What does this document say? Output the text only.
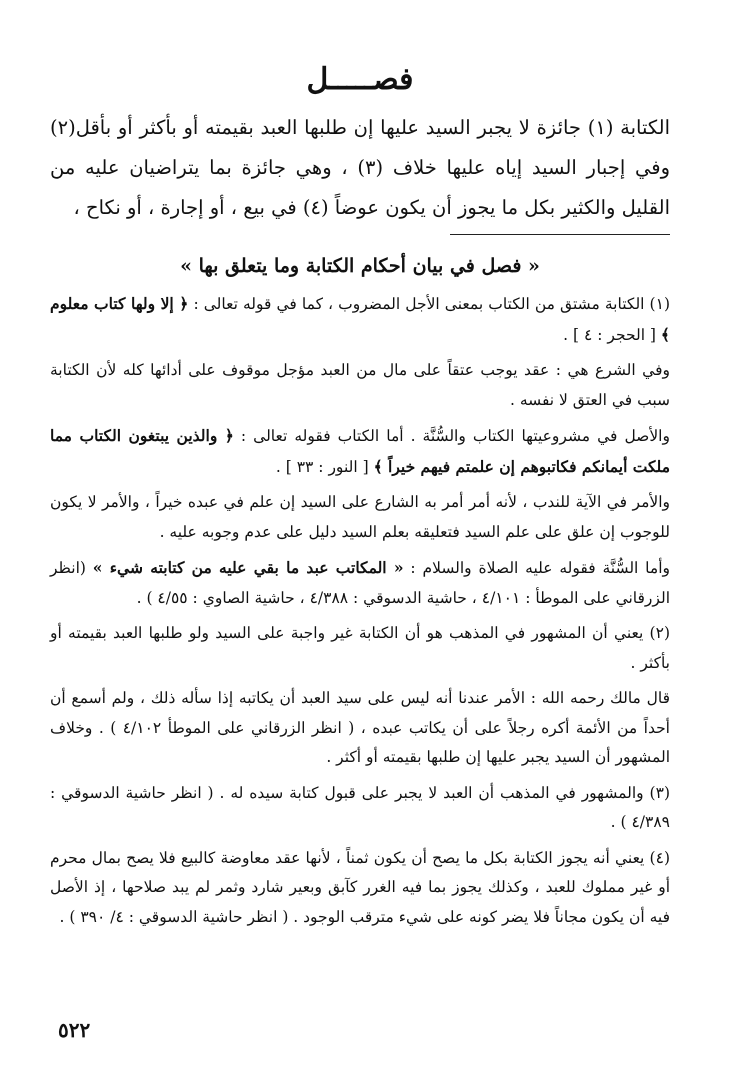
فصـــــل

الكتابة (١) جائزة لا يجبر السيد عليها إن طلبها العبد بقيمته أو بأكثر أو بأقل(٢) وفي إجبار السيد إياه عليها خلاف (٣) ، وهي جائزة بما يتراضيان عليه من القليل والكثير بكل ما يجوز أن يكون عوضاً (٤) في بيع ، أو إجارة ، أو نكاح ،

« فصل في بيان أحكام الكتابة وما يتعلق بها »

(١) الكتابة مشتق من الكتاب بمعنى الأجل المضروب ، كما في قوله تعالى : ﴿ إلا ولها كتاب معلوم ﴾ [ الحجر : ٤ ] .

وفي الشرع هي : عقد يوجب عتقاً على مال من العبد مؤجل موقوف على أدائها كله لأن الكتابة سبب في العتق لا نفسه .

والأصل في مشروعيتها الكتاب والسُّنَّة . أما الكتاب فقوله تعالى : ﴿ والذين يبتغون الكتاب مما ملكت أيمانكم فكاتبوهم إن علمتم فيهم خيراً ﴾ [ النور : ٣٣ ] .

والأمر في الآية للندب ، لأنه أمر أمر به الشارع على السيد إن علم في عبده خيراً ، والأمر لا يكون للوجوب إن علق على علم السيد فتعليقه بعلم السيد دليل على عدم وجوبه عليه .

وأما السُّنَّة فقوله عليه الصلاة والسلام : « المكاتب عبد ما بقي عليه من كتابته شيء » (انظر الزرقاني على الموطأ : ٤/١٠١ ، حاشية الدسوقي : ٤/٣٨٨ ، حاشية الصاوي : ٤/٥٥ ) .

(٢) يعني أن المشهور في المذهب هو أن الكتابة غير واجبة على السيد ولو طلبها العبد بقيمته أو بأكثر .

قال مالك رحمه الله : الأمر عندنا أنه ليس على سيد العبد أن يكاتبه إذا سأله ذلك ، ولم أسمع أن أحداً من الأئمة أكره رجلاً على أن يكاتب عبده ، ( انظر الزرقاني على الموطأ ٤/١٠٢ ) . وخلاف المشهور أن السيد يجبر عليها إن طلبها بقيمته أو أكثر .

(٣) والمشهور في المذهب أن العبد لا يجبر على قبول كتابة سيده له . ( انظر حاشية الدسوقي : ٤/٣٨٩ ) .

(٤) يعني أنه يجوز الكتابة بكل ما يصح أن يكون ثمناً ، لأنها عقد معاوضة كالبيع فلا يصح بمال محرم أو غير مملوك للعبد ، وكذلك يجوز بما فيه الغرر كآبق وبعير شارد وثمر لم يبد صلاحها ، إذ الأصل فيه أن يكون مجاناً فلا يضر كونه على شيء مترقب الوجود . ( انظر حاشية الدسوقي : ٤/ ٣٩٠ ) .

٥٢٢
